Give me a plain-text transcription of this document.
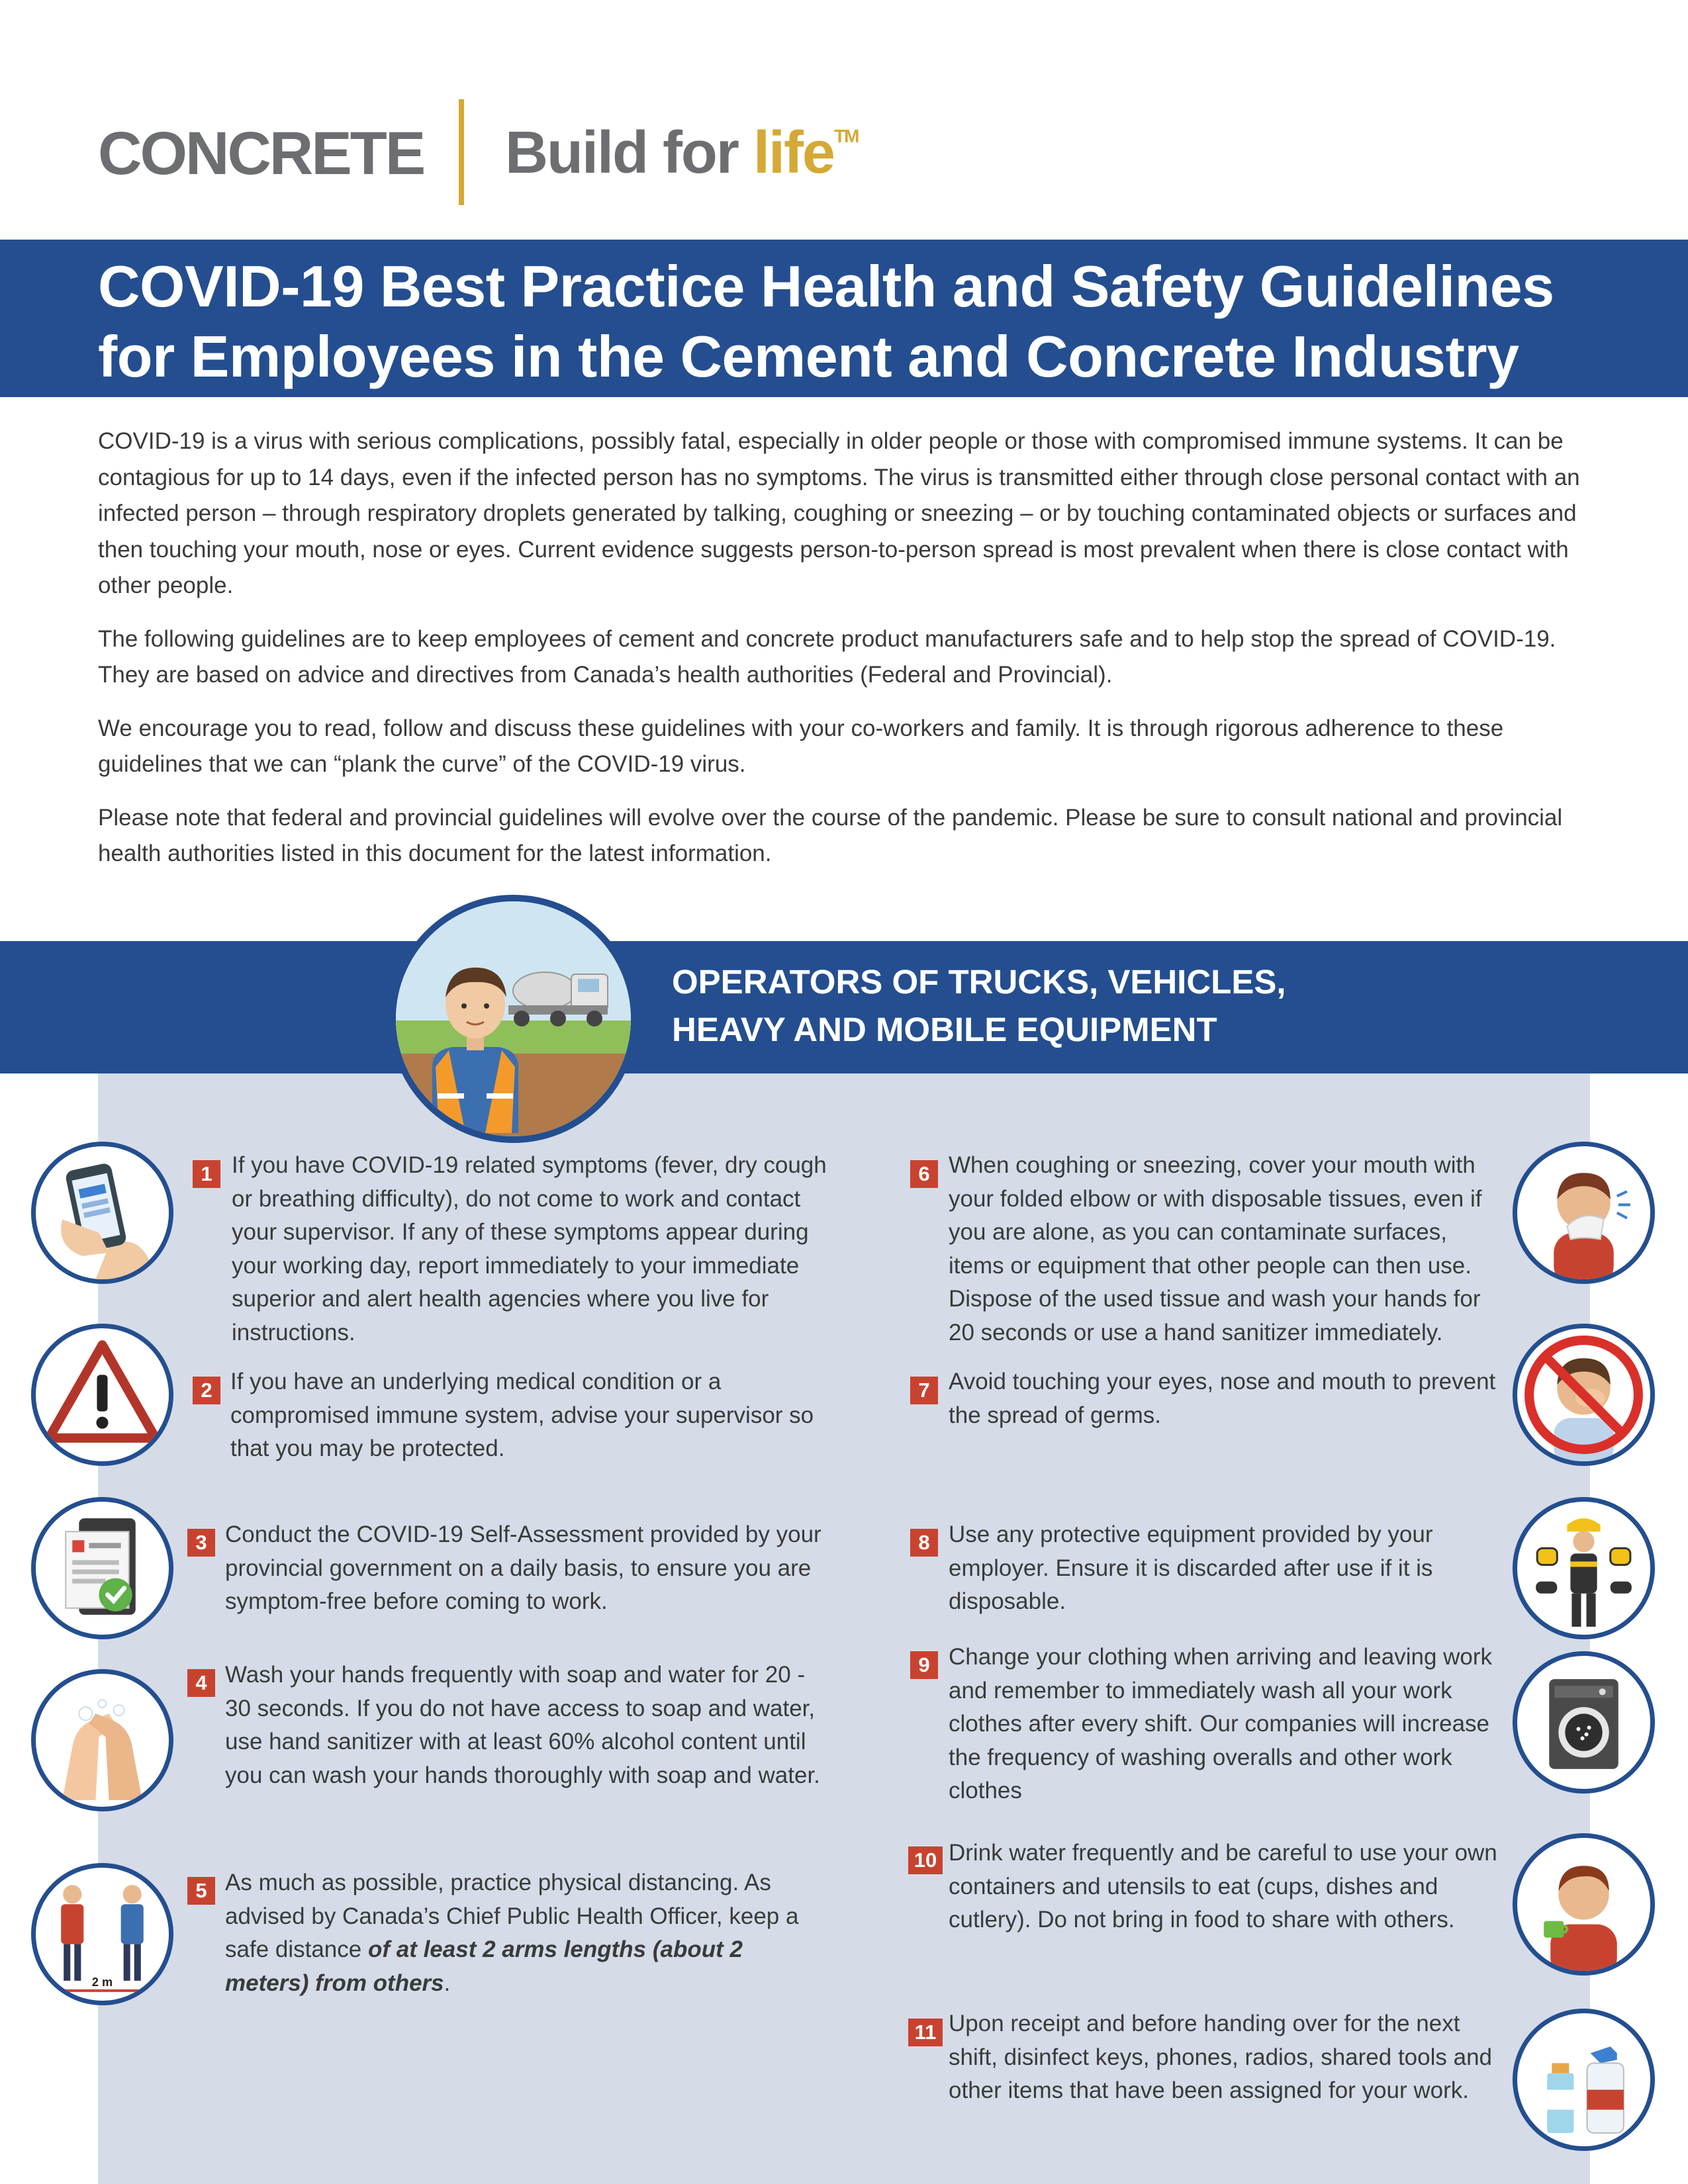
CONCRETE Build for life™
COVID-19 Best Practice Health and Safety Guidelines
for Employees in the Cement and Concrete Industry

COVID-19 is a virus with serious complications, possibly fatal, especially in older people or those with compromised immune systems. It can be contagious for up to 14 days, even if the infected person has no symptoms. The virus is transmitted either through close personal contact with an infected person – through respiratory droplets generated by talking, coughing or sneezing – or by touching contaminated objects or surfaces and then touching your mouth, nose or eyes. Current evidence suggests person-to-person spread is most prevalent when there is close contact with other people.

The following guidelines are to keep employees of cement and concrete product manufacturers safe and to help stop the spread of COVID-19. They are based on advice and directives from Canada’s health authorities (Federal and Provincial).

We encourage you to read, follow and discuss these guidelines with your co-workers and family. It is through rigorous adherence to these guidelines that we can “plank the curve” of the COVID-19 virus.

Please note that federal and provincial guidelines will evolve over the course of the pandemic. Please be sure to consult national and provincial health authorities listed in this document for the latest information.

OPERATORS OF TRUCKS, VEHICLES,
HEAVY AND MOBILE EQUIPMENT
2 m
1 If you have COVID-19 related symptoms (fever, dry cough or breathing difficulty), do not come to work and contact your supervisor. If any of these symptoms appear during your working day, report immediately to your immediate superior and alert health agencies where you live for instructions.
2 If you have an underlying medical condition or a compromised immune system, advise your supervisor so that you may be protected.
3 Conduct the COVID-19 Self-Assessment provided by your provincial government on a daily basis, to ensure you are symptom-free before coming to work.
4 Wash your hands frequently with soap and water for 20 - 30 seconds. If you do not have access to soap and water, use hand sanitizer with at least 60% alcohol content until you can wash your hands thoroughly with soap and water.
5 As much as possible, practice physical distancing. As advised by Canada’s Chief Public Health Officer, keep a safe distance of at least 2 arms lengths (about 2 meters) from others.
6 When coughing or sneezing, cover your mouth with your folded elbow or with disposable tissues, even if you are alone, as you can contaminate surfaces, items or equipment that other people can then use. Dispose of the used tissue and wash your hands for 20 seconds or use a hand sanitizer immediately.
7 Avoid touching your eyes, nose and mouth to prevent the spread of germs.
8 Use any protective equipment provided by your employer. Ensure it is discarded after use if it is disposable.
9 Change your clothing when arriving and leaving work and remember to immediately wash all your work clothes after every shift. Our companies will increase the frequency of washing overalls and other work clothes
10 Drink water frequently and be careful to use your own containers and utensils to eat (cups, dishes and cutlery). Do not bring in food to share with others.
11 Upon receipt and before handing over for the next shift, disinfect keys, phones, radios, shared tools and other items that have been assigned for your work.
